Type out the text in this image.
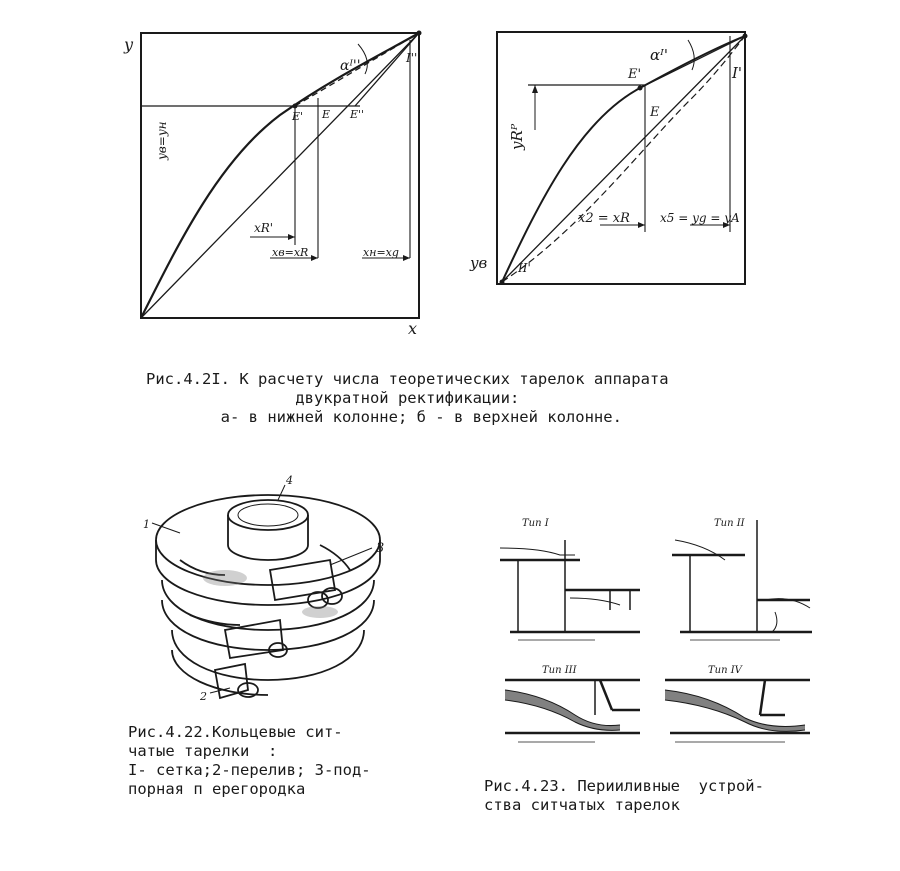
y
x
αᴵ''	I''
E' E E''
yв=yн
xR'
xв=xR	xн=xg
αᴵ'
I'
E'
E
yRᴾ
x2 = xR	x5 = yg = yA
yв	II'
Рис.4.2I. К расчету числа теоретических тарелок аппарата
двукратной ректификации:
а- в нижней колонне; б - в верхней колонне.
1
4
3
2
Рис.4.22.Кольцевые сит-
чатые тарелки  :
I- сетка;2-перелив; 3-под-
порная п ерегородка
Тип I	Тип II
Тип III	Тип IV
Рис.4.23. Перииливные  устрой-
ства ситчатых тарелок
